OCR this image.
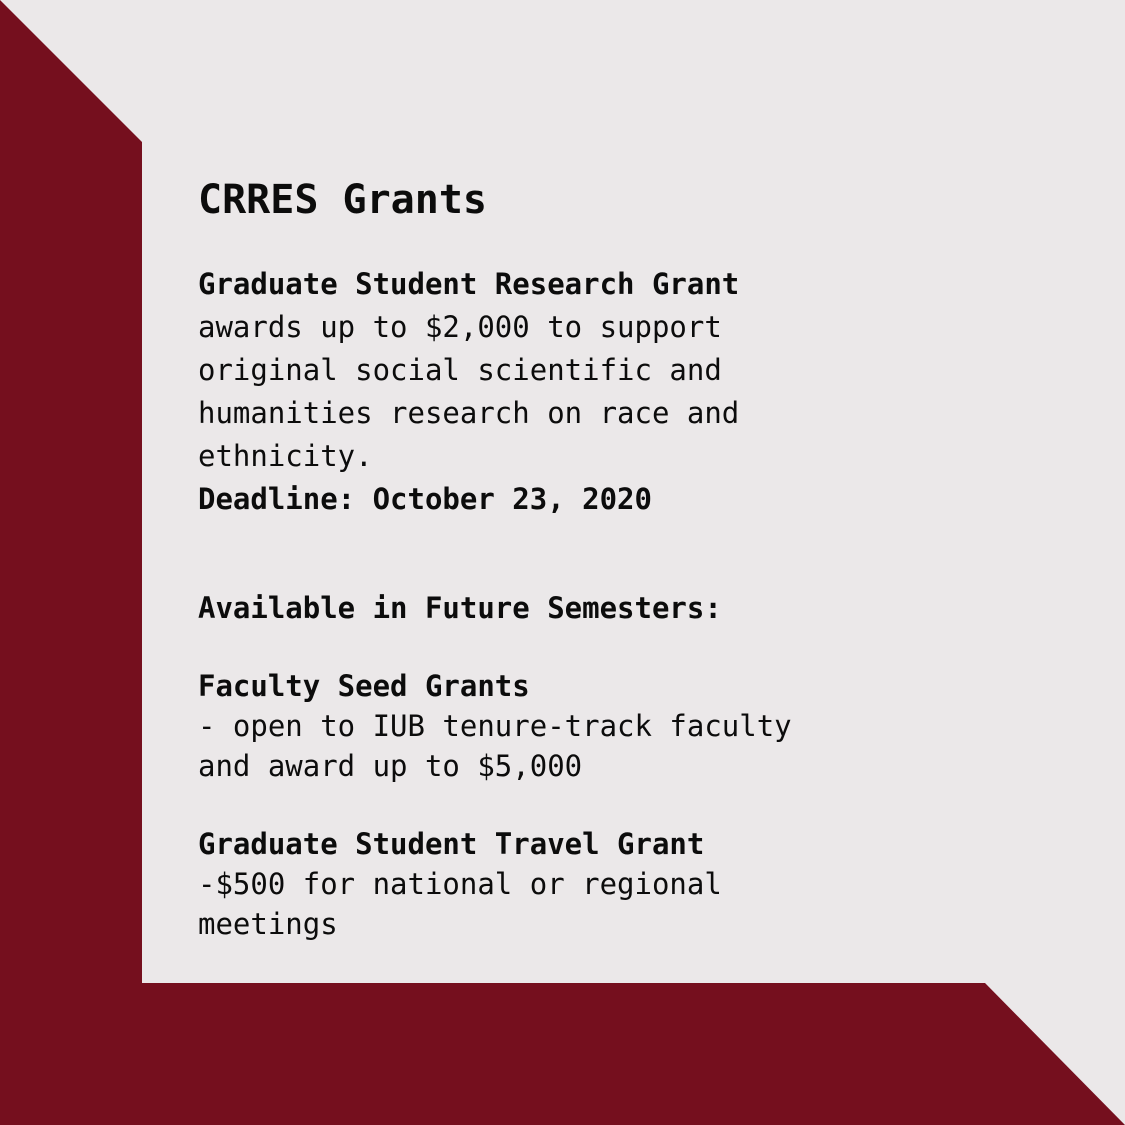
CRRES Grants
Graduate Student Research Grant
awards up to $2,000 to support
original social scientific and
humanities research on race and
ethnicity.
Deadline: October 23, 2020
Available in Future Semesters:
Faculty Seed Grants
- open to IUB tenure-track faculty
and award up to $5,000
Graduate Student Travel Grant
-$500 for national or regional
meetings
